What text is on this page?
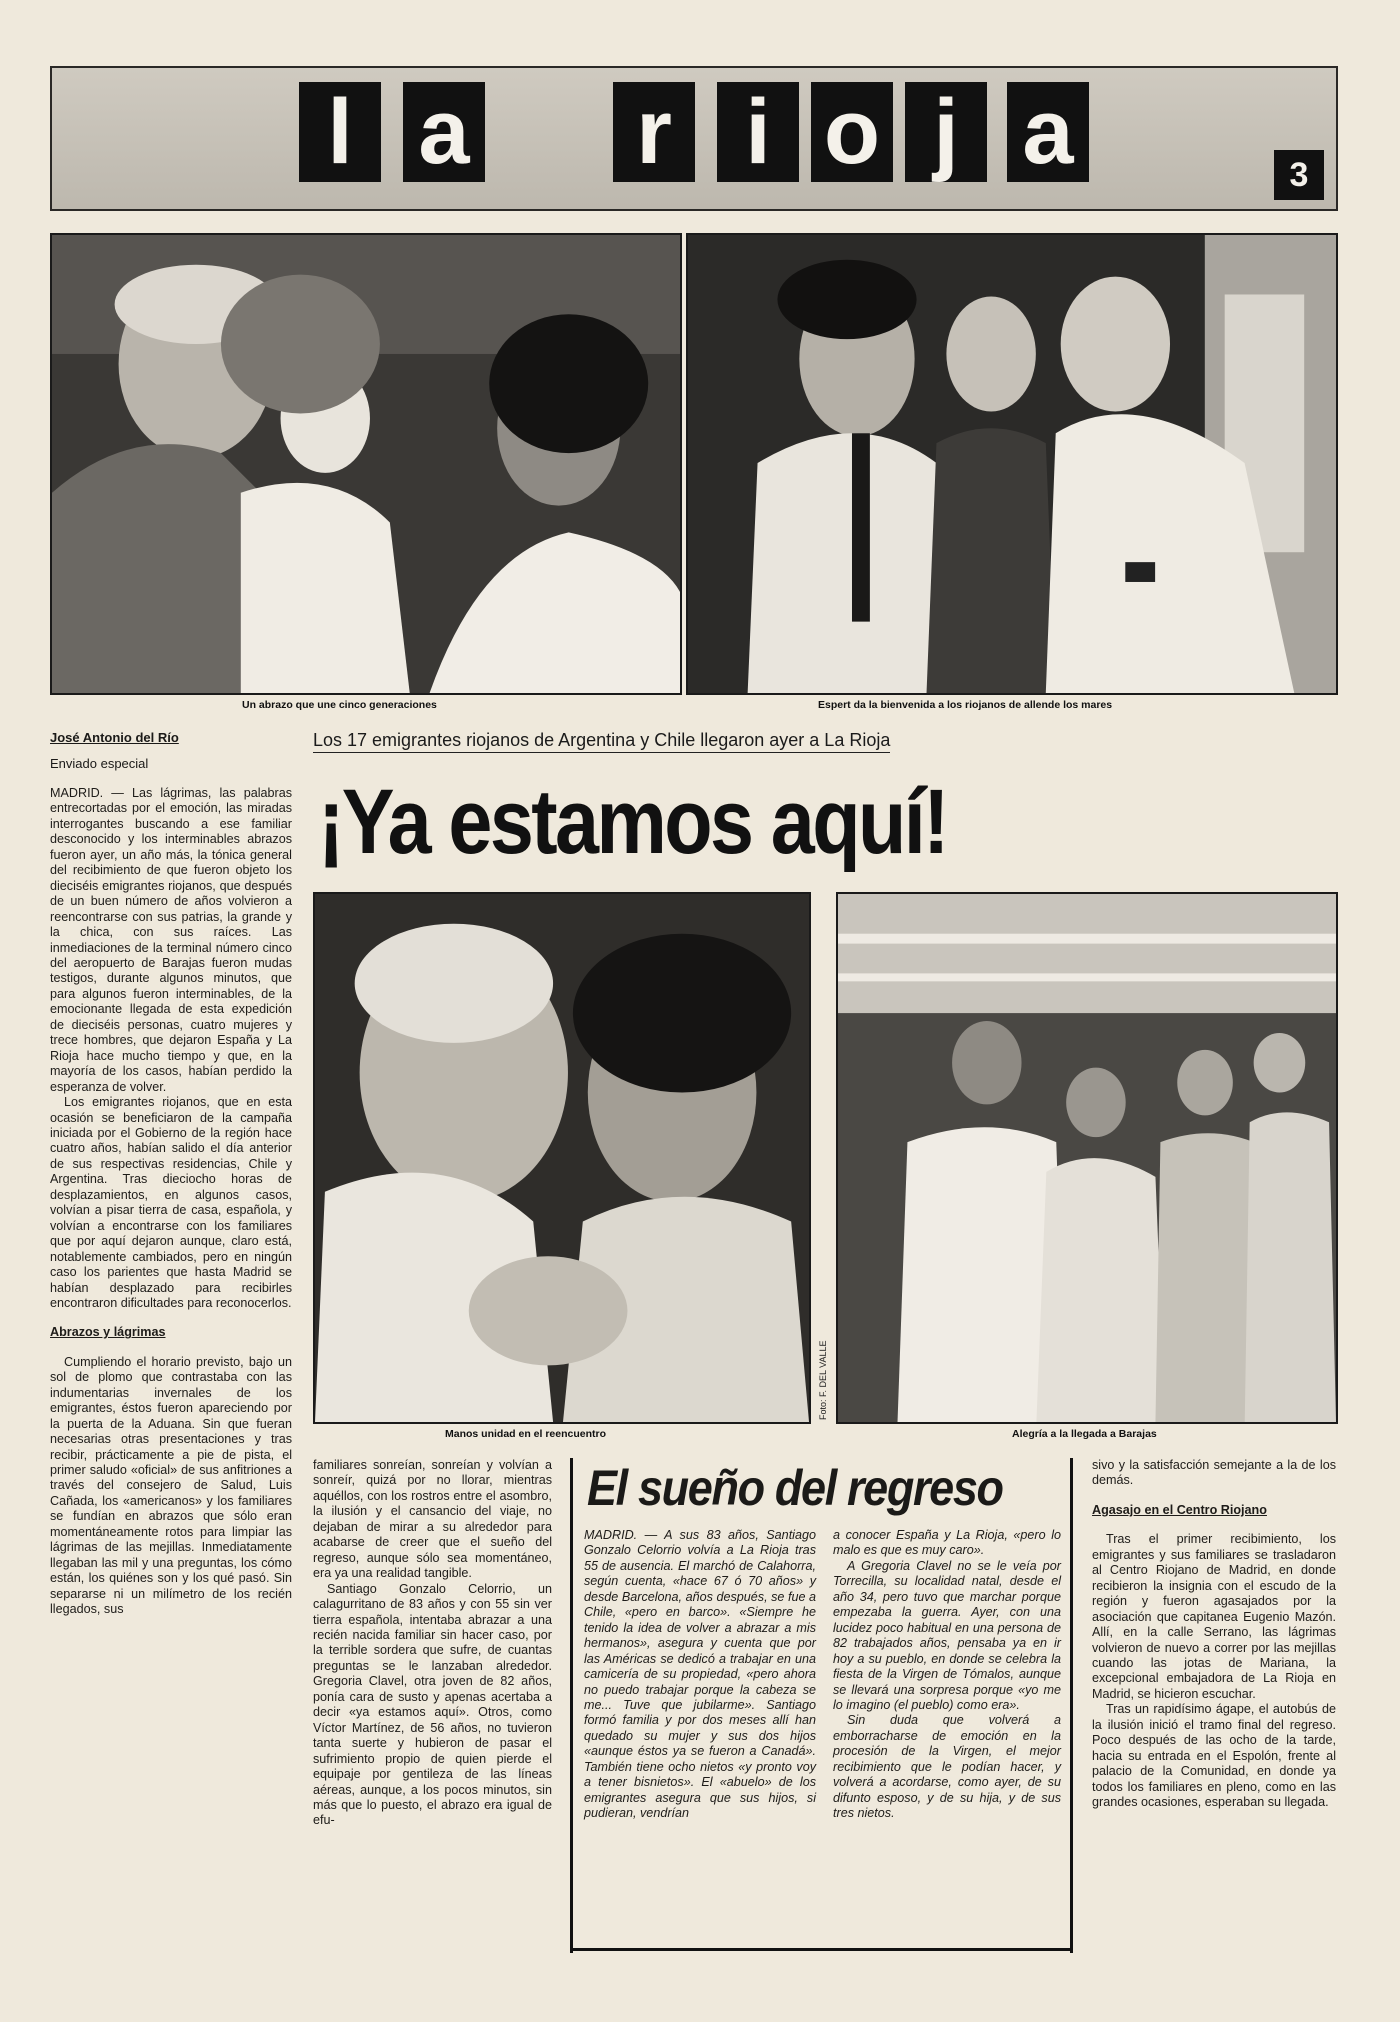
l a r i o j a	3
Un abrazo que une cinco generaciones	Espert da la bienvenida a los riojanos de allende los mares
José Antonio del Río
Enviado especial
Los 17 emigrantes riojanos de Argentina y Chile llegaron ayer a La Rioja
¡Ya estamos aquí!
Foto: F. DEL VALLE
Manos unidad en el reencuentro	Alegría a la llegada a Barajas

MADRID. — Las lágrimas, las palabras entrecortadas por el emoción, las miradas interrogantes buscando a ese familiar desconocido y los interminables abrazos fueron ayer, un año más, la tónica general del recibimiento de que fueron objeto los dieciséis emigrantes riojanos, que después de un buen número de años volvieron a reencontrarse con sus patrias, la grande y la chica, con sus raíces. Las inmediaciones de la terminal número cinco del aeropuerto de Barajas fueron mudas testigos, durante algunos minutos, que para algunos fueron interminables, de la emocionante llegada de esta expedición de dieciséis personas, cuatro mujeres y trece hombres, que dejaron España y La Rioja hace mucho tiempo y que, en la mayoría de los casos, habían perdido la esperanza de volver.

Los emigrantes riojanos, que en esta ocasión se beneficiaron de la campaña iniciada por el Gobierno de la región hace cuatro años, habían salido el día anterior de sus respectivas residencias, Chile y Argentina. Tras dieciocho horas de desplazamientos, en algunos casos, volvían a pisar tierra de casa, española, y volvían a encontrarse con los familiares que por aquí dejaron aunque, claro está, notablemente cambiados, pero en ningún caso los parientes que hasta Madrid se habían desplazado para recibirles encontraron dificultades para reconocerlos.

Abrazos y lágrimas

Cumpliendo el horario previsto, bajo un sol de plomo que contrastaba con las indumentarias invernales de los emigrantes, éstos fueron apareciendo por la puerta de la Aduana. Sin que fueran necesarias otras presentaciones y tras recibir, prácticamente a pie de pista, el primer saludo «oficial» de sus anfitriones a través del consejero de Salud, Luis Cañada, los «americanos» y los familiares se fundían en abrazos que sólo eran momentáneamente rotos para limpiar las lágrimas de las mejillas. Inmediatamente llegaban las mil y una preguntas, los cómo están, los quiénes son y los qué pasó. Sin separarse ni un milímetro de los recién llegados, sus

familiares sonreían, sonreían y volvían a sonreír, quizá por no llorar, mientras aquéllos, con los rostros entre el asombro, la ilusión y el cansancio del viaje, no dejaban de mirar a su alrededor para acabarse de creer que el sueño del regreso, aunque sólo sea momentáneo, era ya una realidad tangible.

Santiago Gonzalo Celorrio, un calagurritano de 83 años y con 55 sin ver tierra española, intentaba abrazar a una recién nacida familiar sin hacer caso, por la terrible sordera que sufre, de cuantas preguntas se le lanzaban alrededor. Gregoria Clavel, otra joven de 82 años, ponía cara de susto y apenas acertaba a decir «ya estamos aquí». Otros, como Víctor Martínez, de 56 años, no tuvieron tanta suerte y hubieron de pasar el sufrimiento propio de quien pierde el equipaje por gentileza de las líneas aéreas, aunque, a los pocos minutos, sin más que lo puesto, el abrazo era igual de efu-

El sueño del regreso

MADRID. — A sus 83 años, Santiago Gonzalo Celorrio volvía a La Rioja tras 55 de ausencia. El marchó de Calahorra, según cuenta, «hace 67 ó 70 años» y desde Barcelona, años después, se fue a Chile, «pero en barco». «Siempre he tenido la idea de volver a abrazar a mis hermanos», asegura y cuenta que por las Américas se dedicó a trabajar en una camicería de su propiedad, «pero ahora no puedo trabajar porque la cabeza se me... Tuve que jubilarme». Santiago formó familia y por dos meses allí han quedado su mujer y sus dos hijos «aunque éstos ya se fueron a Canadá». También tiene ocho nietos «y pronto voy a tener bisnietos». El «abuelo» de los emigrantes asegura que sus hijos, si pudieran, vendrían

a conocer España y La Rioja, «pero lo malo es que es muy caro».

A Gregoria Clavel no se le veía por Torrecilla, su localidad natal, desde el año 34, pero tuvo que marchar porque empezaba la guerra. Ayer, con una lucidez poco habitual en una persona de 82 trabajados años, pensaba ya en ir hoy a su pueblo, en donde se celebra la fiesta de la Virgen de Tómalos, aunque se llevará una sorpresa porque «yo me lo imagino (el pueblo) como era».

Sin duda que volverá a emborracharse de emoción en la procesión de la Virgen, el mejor recibimiento que le podían hacer, y volverá a acordarse, como ayer, de su difunto esposo, y de su hija, y de sus tres nietos.

sivo y la satisfacción semejante a la de los demás.

Agasajo en el Centro Riojano

Tras el primer recibimiento, los emigrantes y sus familiares se trasladaron al Centro Riojano de Madrid, en donde recibieron la insignia con el escudo de la región y fueron agasajados por la asociación que capitanea Eugenio Mazón. Allí, en la calle Serrano, las lágrimas volvieron de nuevo a correr por las mejillas cuando las jotas de Mariana, la excepcional embajadora de La Rioja en Madrid, se hicieron escuchar.

Tras un rapidísimo ágape, el autobús de la ilusión inició el tramo final del regreso. Poco después de las ocho de la tarde, hacia su entrada en el Espolón, frente al palacio de la Comunidad, en donde ya todos los familiares en pleno, como en las grandes ocasiones, esperaban su llegada.
